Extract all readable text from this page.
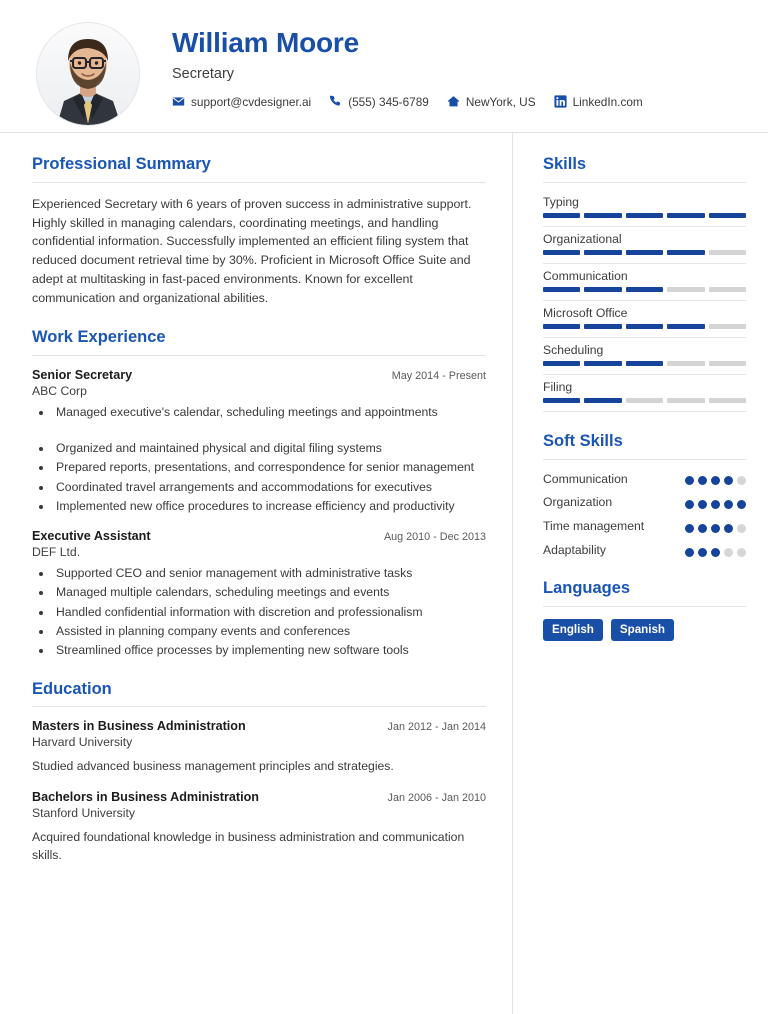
William Moore
Secretary
support@cvdesigner.ai	(555) 345-6789	NewYork, US	LinkedIn.com
Professional Summary

Experienced Secretary with 6 years of proven success in administrative support. Highly skilled in managing calendars, coordinating meetings, and handling confidential information. Successfully implemented an efficient filing system that reduced document retrieval time by 30%. Proficient in Microsoft Office Suite and adept at multitasking in fast-paced environments. Known for excellent communication and organizational abilities.

Work Experience
Senior Secretary	May 2014 - Present
ABC Corp
• Managed executive's calendar, scheduling meetings and appointments
• Organized and maintained physical and digital filing systems
• Prepared reports, presentations, and correspondence for senior management
• Coordinated travel arrangements and accommodations for executives
• Implemented new office procedures to increase efficiency and productivity
Executive Assistant	Aug 2010 - Dec 2013
DEF Ltd.
• Supported CEO and senior management with administrative tasks
• Managed multiple calendars, scheduling meetings and events
• Handled confidential information with discretion and professionalism
• Assisted in planning company events and conferences
• Streamlined office processes by implementing new software tools
Education
Masters in Business Administration	Jan 2012 - Jan 2014
Harvard University

Studied advanced business management principles and strategies.

Bachelors in Business Administration	Jan 2006 - Jan 2010
Stanford University

Acquired foundational knowledge in business administration and communication skills.

Skills
Typing
Organizational
Communication
Microsoft Office
Scheduling
Filing
Soft Skills
Communication
Organization
Time management
Adaptability
Languages
English	Spanish
